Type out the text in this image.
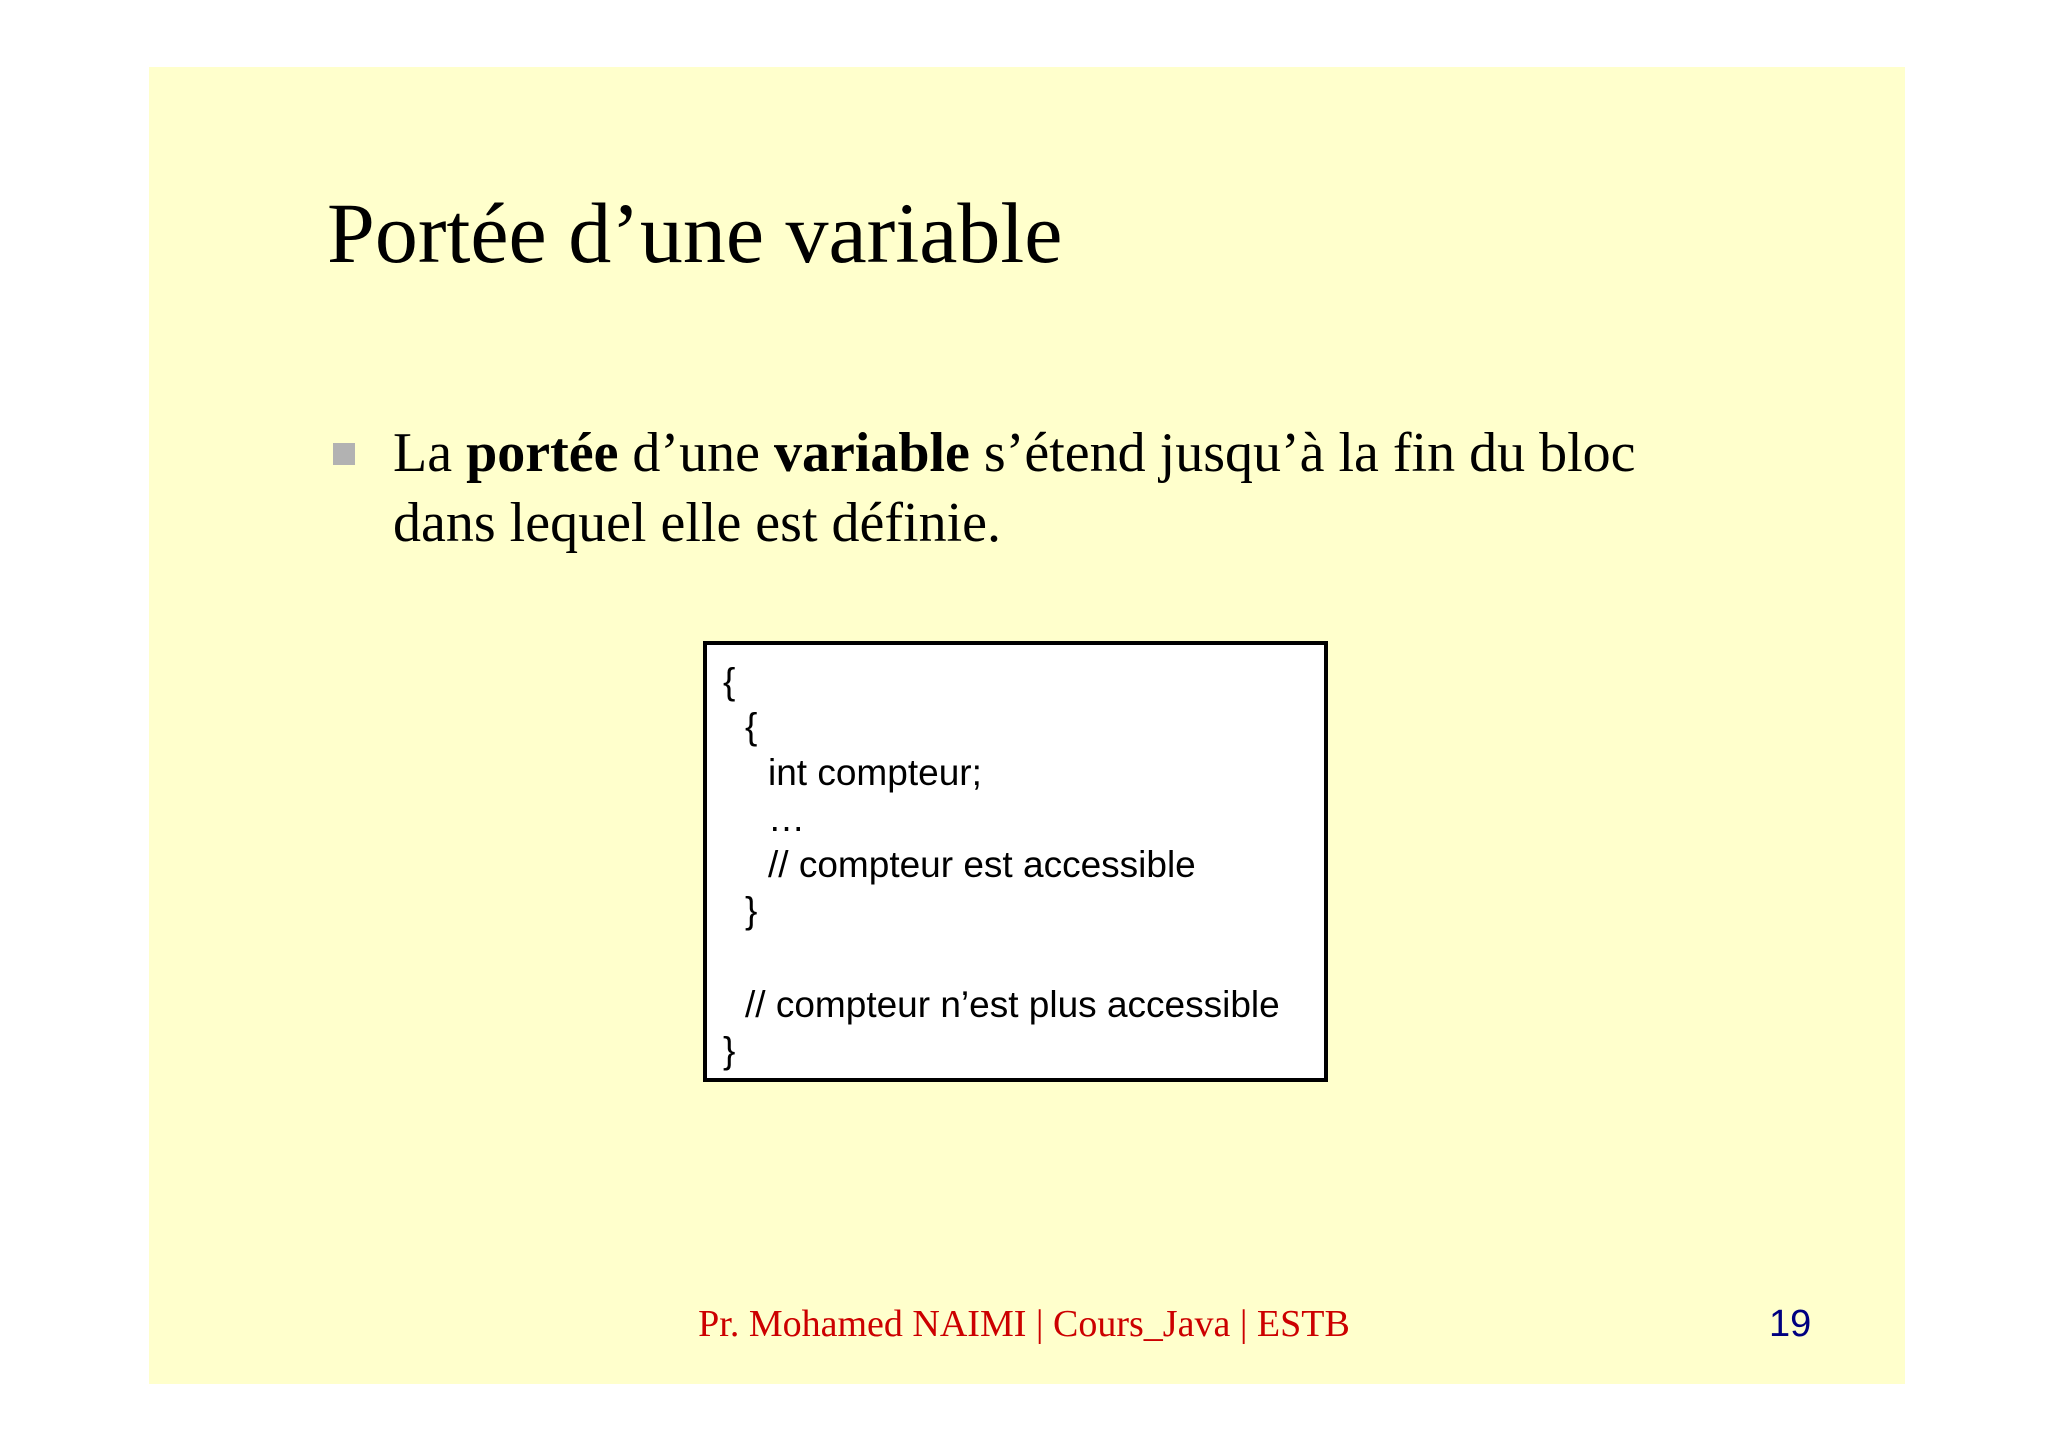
Portée d’une variable

La portée d’une variable s’étend jusqu’à la fin du bloc
dans lequel elle est définie.

{
{
int compteur;
…
// compteur est accessible
}
// compteur n’est plus accessible
}
Pr. Mohamed NAIMI | Cours_Java | ESTB	19
